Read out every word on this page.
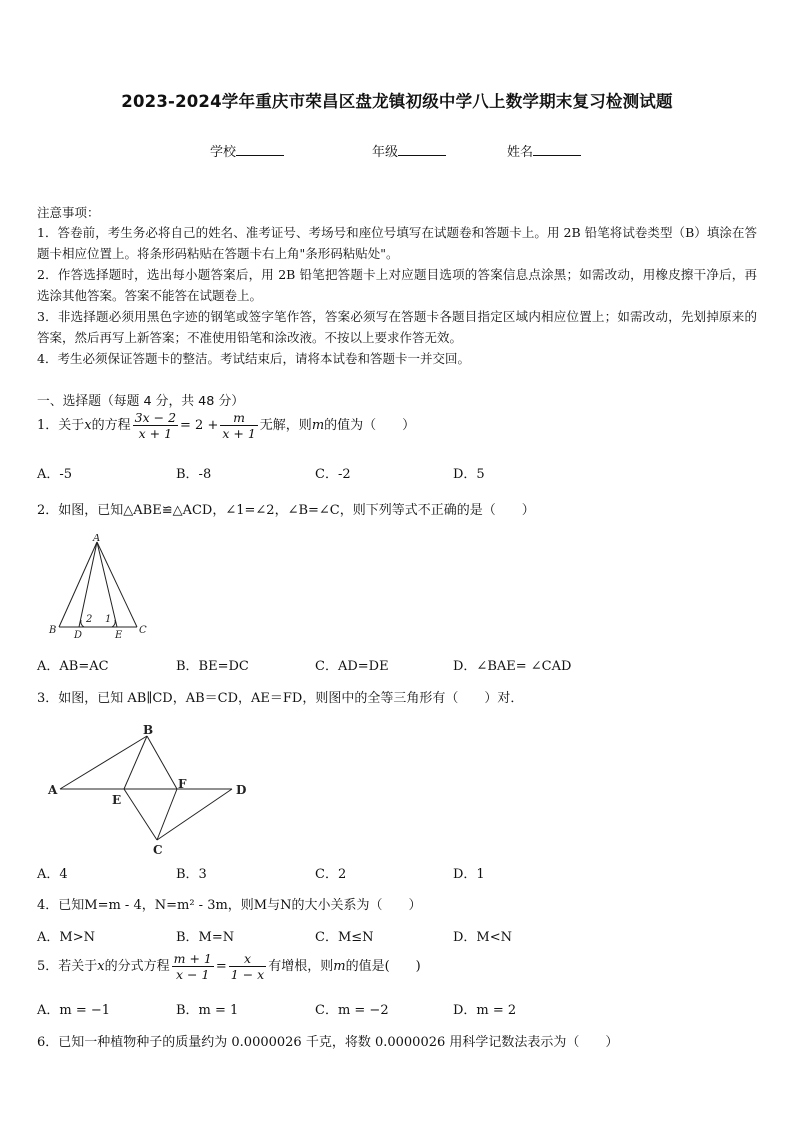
2023-2024学年重庆市荣昌区盘龙镇初级中学八上数学期末复习检测试题
学校	年级	姓名
注意事项：
1．答卷前，考生务必将自己的姓名、准考证号、考场号和座位号填写在试题卷和答题卡上。用 2B 铅笔将试卷类型（B）填涂在答题卡相应位置上。将条形码粘贴在答题卡右上角"条形码粘贴处"。
2．作答选择题时，选出每小题答案后，用 2B 铅笔把答题卡上对应题目选项的答案信息点涂黑；如需改动，用橡皮擦干净后，再选涂其他答案。答案不能答在试题卷上。
3．非选择题必须用黑色字迹的钢笔或签字笔作答，答案必须写在答题卡各题目指定区域内相应位置上；如需改动，先划掉原来的答案，然后再写上新答案；不准使用铅笔和涂改液。不按以上要求作答无效。
4．考生必须保证答题卡的整洁。考试结束后，请将本试卷和答题卡一并交回。
一、选择题（每题 4 分，共 48 分）
1．关于x的方程 $\frac{3x - 2}{x + 1} = 2 + \frac{m}{x + 1}$ 无解，则m的值为（　　）
A．-5	B．-8	C．-2	D．5
2．如图，已知△ABE≌△ACD，∠1=∠2，∠B=∠C，则下列等式不正确的是（　　）
A
B	C
D	E
2 1
A．AB=AC	B．BE=DC	C．AD=DE	D．∠BAE= ∠CAD
3．如图，已知 AB∥CD，AB＝CD，AE＝FD，则图中的全等三角形有（　　）对．
A
B
C
D
E
F
A．4	B．3	C．2	D．1
4．已知M=m - 4，N=m² - 3m，则M与N的大小关系为（　　）
A．M>N	B．M=N	C．M≤N	D．M<N
5．若关于x的分式方程 $\frac{m + 1}{x - 1} = \frac{x}{1 - x}$ 有增根，则m的值是(　　)
A．m = −1	B．m = 1	C．m = −2	D．m = 2
6．已知一种植物种子的质量约为 0.0000026 千克，将数 0.0000026 用科学记数法表示为（　　）
